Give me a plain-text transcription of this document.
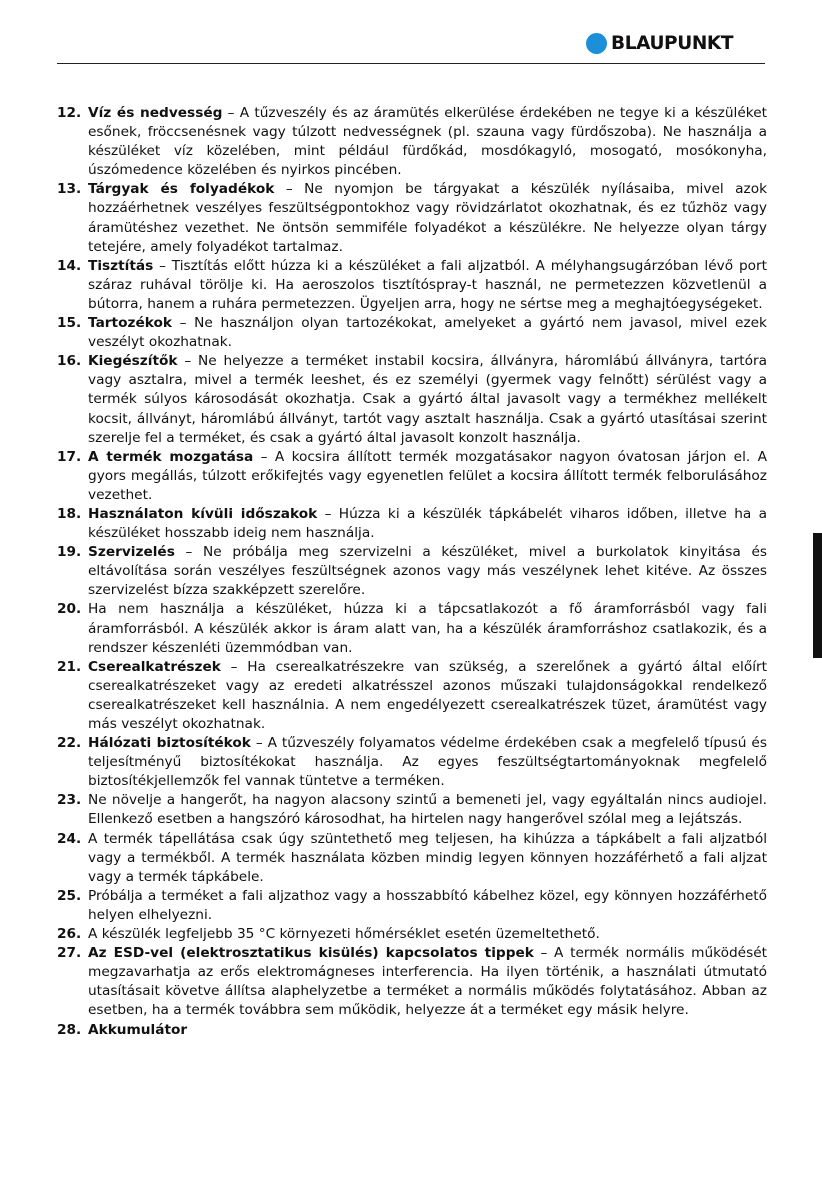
BLAUPUNKT
12. Víz és nedvesség – A tűzveszély és az áramütés elkerülése érdekében ne tegye ki a készüléket esőnek, fröccsenésnek vagy túlzott nedvességnek (pl. szauna vagy fürdőszoba). Ne használja a készüléket víz közelében, mint például fürdőkád, mosdókagyló, mosogató, mosókonyha, úszómedence közelében és nyirkos pincében.
13. Tárgyak és folyadékok – Ne nyomjon be tárgyakat a készülék nyílásaiba, mivel azok hozzáérhetnek veszélyes feszültségpontokhoz vagy rövidzárlatot okozhatnak, és ez tűzhöz vagy áramütéshez vezethet. Ne öntsön semmiféle folyadékot a készülékre. Ne helyezze olyan tárgy tetejére, amely folyadékot tartalmaz.
14. Tisztítás – Tisztítás előtt húzza ki a készüléket a fali aljzatból. A mélyhangsugárzóban lévő port száraz ruhával törölje ki. Ha aeroszolos tisztítóspray-t használ, ne permetezzen közvetlenül a bútorra, hanem a ruhára permetezzen. Ügyeljen arra, hogy ne sértse meg a meghajtóegységeket.
15. Tartozékok – Ne használjon olyan tartozékokat, amelyeket a gyártó nem javasol, mivel ezek veszélyt okozhatnak.
16. Kiegészítők – Ne helyezze a terméket instabil kocsira, állványra, háromlábú állványra, tartóra vagy asztalra, mivel a termék leeshet, és ez személyi (gyermek vagy felnőtt) sérülést vagy a termék súlyos károsodását okozhatja. Csak a gyártó által javasolt vagy a termékhez mellékelt kocsit, állványt, háromlábú állványt, tartót vagy asztalt használja. Csak a gyártó utasításai szerint szerelje fel a terméket, és csak a gyártó által javasolt konzolt használja.
17. A termék mozgatása – A kocsira állított termék mozgatásakor nagyon óvatosan járjon el. A gyors megállás, túlzott erőkifejtés vagy egyenetlen felület a kocsira állított termék felborulásához vezethet.
18. Használaton kívüli időszakok – Húzza ki a készülék tápkábelét viharos időben, illetve ha a készüléket hosszabb ideig nem használja.
19. Szervizelés – Ne próbálja meg szervizelni a készüléket, mivel a burkolatok kinyitása és eltávolítása során veszélyes feszültségnek azonos vagy más veszélynek lehet kitéve. Az összes szervizelést bízza szakképzett szerelőre.
20. Ha nem használja a készüléket, húzza ki a tápcsatlakozót a fő áramforrásból vagy fali áramforrásból. A készülék akkor is áram alatt van, ha a készülék áramforráshoz csatlakozik, és a rendszer készenléti üzemmódban van.
21. Cserealkatrészek – Ha cserealkatrészekre van szükség, a szerelőnek a gyártó által előírt cserealkatrészeket vagy az eredeti alkatrésszel azonos műszaki tulajdonságokkal rendelkező cserealkatrészeket kell használnia. A nem engedélyezett cserealkatrészek tüzet, áramütést vagy más veszélyt okozhatnak.
22. Hálózati biztosítékok – A tűzveszély folyamatos védelme érdekében csak a megfelelő típusú és teljesítményű biztosítékokat használja. Az egyes feszültségtartományoknak megfelelő biztosítékjellemzők fel vannak tüntetve a terméken.
23. Ne növelje a hangerőt, ha nagyon alacsony szintű a bemeneti jel, vagy egyáltalán nincs audiojel. Ellenkező esetben a hangszóró károsodhat, ha hirtelen nagy hangerővel szólal meg a lejátszás.
24. A termék tápellátása csak úgy szüntethető meg teljesen, ha kihúzza a tápkábelt a fali aljzatból vagy a termékből. A termék használata közben mindig legyen könnyen hozzáférhető a fali aljzat vagy a termék tápkábele.
25. Próbálja a terméket a fali aljzathoz vagy a hosszabbító kábelhez közel, egy könnyen hozzáférhető helyen elhelyezni.
26. A készülék legfeljebb 35 °C környezeti hőmérséklet esetén üzemeltethető.
27. Az ESD-vel (elektrosztatikus kisülés) kapcsolatos tippek – A termék normális működését megzavarhatja az erős elektromágneses interferencia. Ha ilyen történik, a használati útmutató utasításait követve állítsa alaphelyzetbe a terméket a normális működés folytatásához. Abban az esetben, ha a termék továbbra sem működik, helyezze át a terméket egy másik helyre.
28. Akkumulátor
